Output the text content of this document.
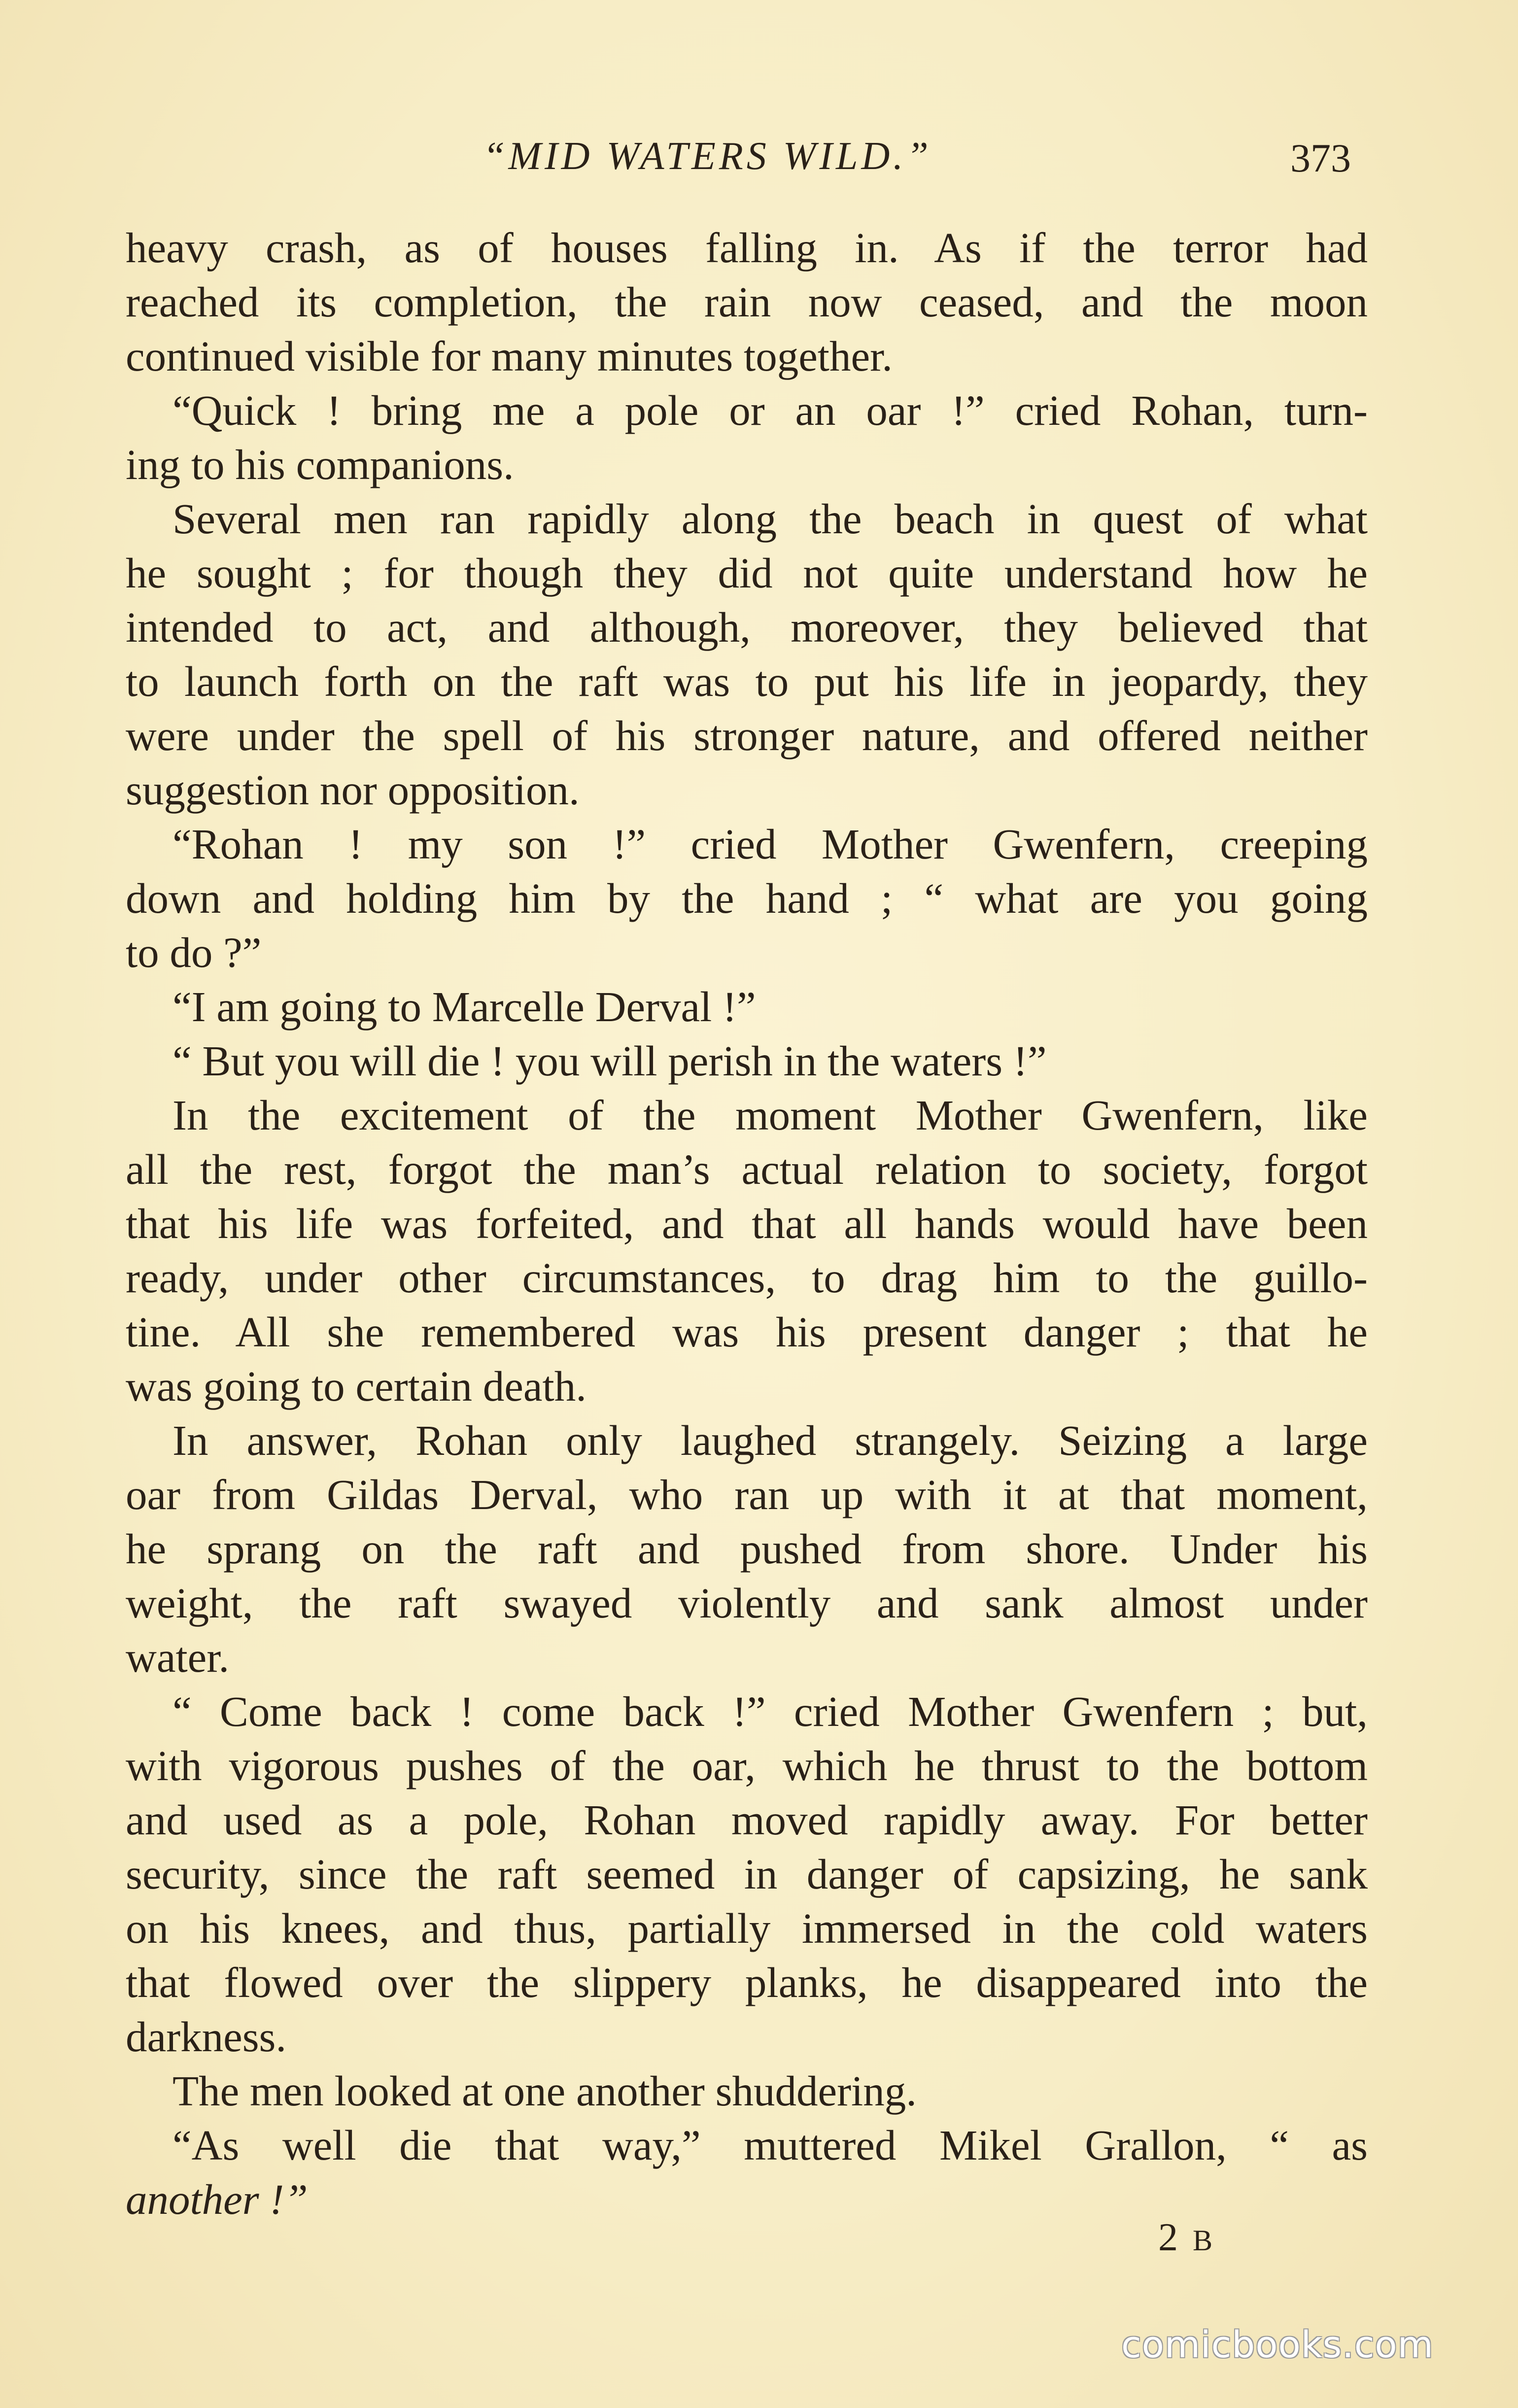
“MID WATERS WILD.”	373
heavy crash, as of houses falling in. As if the terror had
reached its completion, the rain now ceased, and the moon
continued visible for many minutes together.
“Quick ! bring me a pole or an oar !” cried Rohan, turn-
ing to his companions.
Several men ran rapidly along the beach in quest of what
he sought ; for though they did not quite understand how he
intended to act, and although, moreover, they believed that
to launch forth on the raft was to put his life in jeopardy, they
were under the spell of his stronger nature, and offered neither
suggestion nor opposition.
“Rohan ! my son !” cried Mother Gwenfern, creeping
down and holding him by the hand ; “ what are you going
to do ?”
“I am going to Marcelle Derval !”
“ But you will die ! you will perish in the waters !”
In the excitement of the moment Mother Gwenfern, like
all the rest, forgot the man’s actual relation to society, forgot
that his life was forfeited, and that all hands would have been
ready, under other circumstances, to drag him to the guillo-
tine. All she remembered was his present danger ; that he
was going to certain death.
In answer, Rohan only laughed strangely. Seizing a large
oar from Gildas Derval, who ran up with it at that moment,
he sprang on the raft and pushed from shore. Under his
weight, the raft swayed violently and sank almost under
water.
“ Come back ! come back !” cried Mother Gwenfern ; but,
with vigorous pushes of the oar, which he thrust to the bottom
and used as a pole, Rohan moved rapidly away. For better
security, since the raft seemed in danger of capsizing, he sank
on his knees, and thus, partially immersed in the cold waters
that flowed over the slippery planks, he disappeared into the
darkness.
The men looked at one another shuddering.
“As well die that way,” muttered Mikel Grallon, “ as
another !”
2 B
comicbooks.com
